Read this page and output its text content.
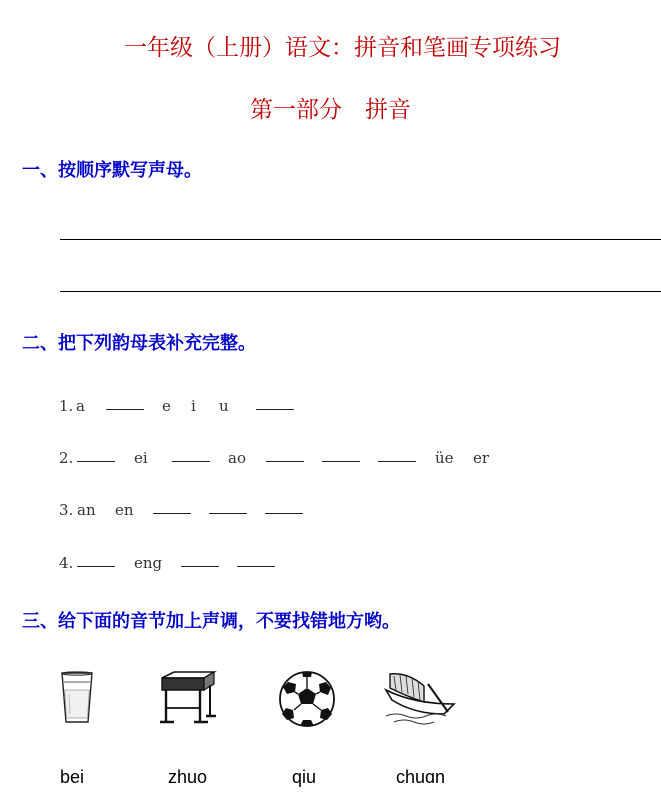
一年级（上册）语文：拼音和笔画专项练习
第一部分　拼音
一、按顺序默写声母。
二、把下列韵母表补充完整。
1. a	e i u
2.	ei	ao	üe er
3. an en
4.	eng
三、给下面的音节加上声调，不要找错地方哟。
bei	zhuo	qiu	chuɑn
